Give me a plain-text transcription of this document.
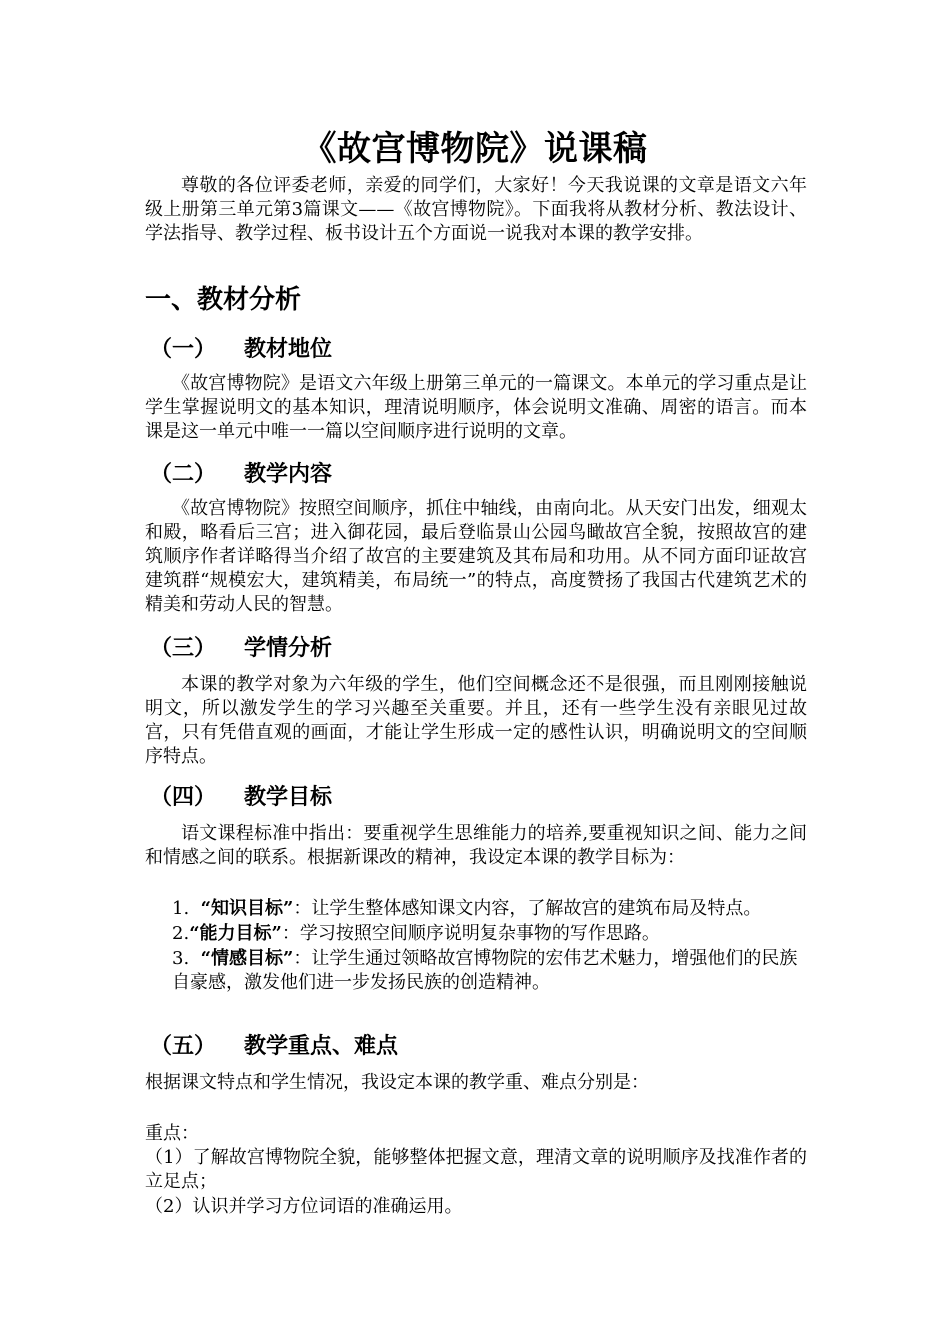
《故宫博物院》说课稿
尊敬的各位评委老师，亲爱的同学们，大家好！今天我说课的文章是语文六年级上册第三单元第3篇课文——《故宫博物院》。下面我将从教材分析、教法设计、学法指导、教学过程、板书设计五个方面说一说我对本课的教学安排。
一、教材分析
（一） 教材地位
《故宫博物院》是语文六年级上册第三单元的一篇课文。本单元的学习重点是让学生掌握说明文的基本知识，理清说明顺序，体会说明文准确、周密的语言。而本课是这一单元中唯一一篇以空间顺序进行说明的文章。
（二） 教学内容
《故宫博物院》按照空间顺序，抓住中轴线，由南向北。从天安门出发，细观太和殿，略看后三宫；进入御花园，最后登临景山公园鸟瞰故宫全貌，按照故宫的建筑顺序作者详略得当介绍了故宫的主要建筑及其布局和功用。从不同方面印证故宫建筑群“规模宏大，建筑精美，布局统一”的特点，高度赞扬了我国古代建筑艺术的精美和劳动人民的智慧。
（三） 学情分析
本课的教学对象为六年级的学生，他们空间概念还不是很强，而且刚刚接触说明文，所以激发学生的学习兴趣至关重要。并且，还有一些学生没有亲眼见过故宫，只有凭借直观的画面，才能让学生形成一定的感性认识，明确说明文的空间顺序特点。
（四） 教学目标
语文课程标准中指出：要重视学生思维能力的培养,要重视知识之间、能力之间和情感之间的联系。根据新课改的精神，我设定本课的教学目标为：
1. “知识目标”：让学生整体感知课文内容，了解故宫的建筑布局及特点。
2.“能力目标”：学习按照空间顺序说明复杂事物的写作思路。
3. “情感目标”：让学生通过领略故宫博物院的宏伟艺术魅力，增强他们的民族自豪感，激发他们进一步发扬民族的创造精神。
（五） 教学重点、难点
根据课文特点和学生情况，我设定本课的教学重、难点分别是：
重点：
（1）了解故宫博物院全貌，能够整体把握文意，理清文章的说明顺序及找准作者的立足点；
（2）认识并学习方位词语的准确运用。
